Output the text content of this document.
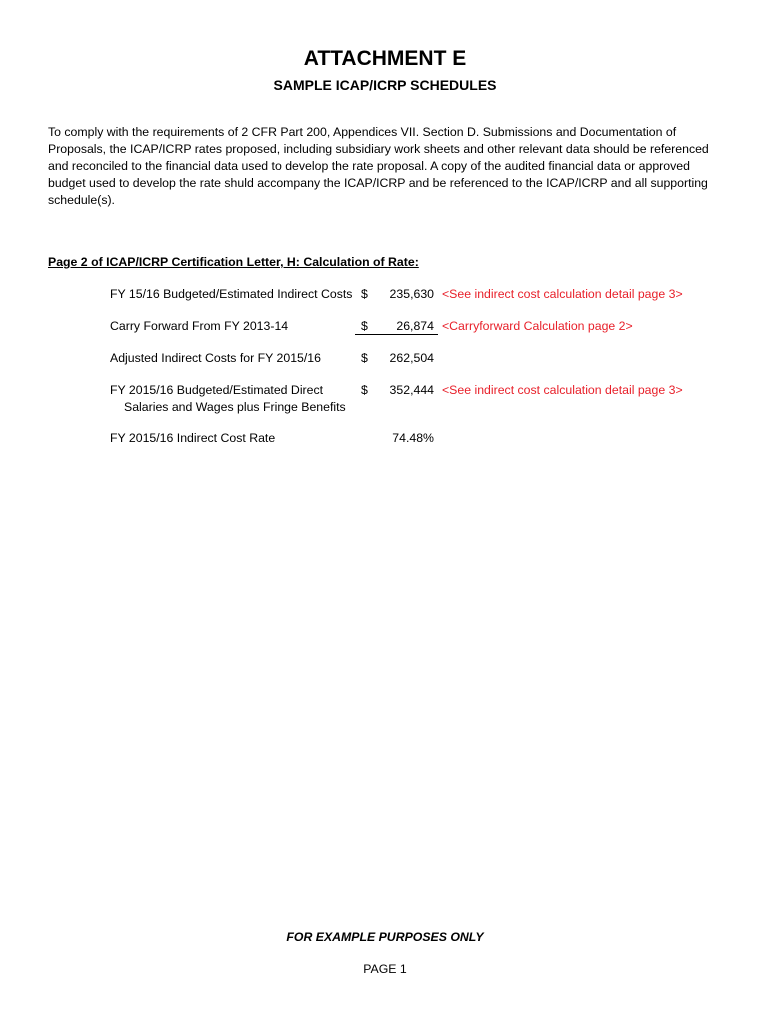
ATTACHMENT E
SAMPLE ICAP/ICRP SCHEDULES

To comply with the requirements of 2 CFR Part 200, Appendices VII. Section D. Submissions and Documentation of Proposals, the ICAP/ICRP rates proposed, including subsidiary work sheets and other relevant data should be referenced and reconciled to the financial data used to develop the rate proposal. A copy of the audited financial data or approved budget used to develop the rate shuld accompany the ICAP/ICRP and be referenced to the ICAP/ICRP and all supporting schedule(s).

Page 2 of ICAP/ICRP Certification Letter, H: Calculation of Rate:
FY 15/16 Budgeted/Estimated Indirect Costs $	235,630 <See indirect cost calculation detail page 3>
Carry Forward From FY 2013-14	$	26,874 <Carryforward Calculation page 2>
Adjusted Indirect Costs for FY 2015/16	$	262,504
FY 2015/16 Budgeted/Estimated Direct
Salaries and Wages plus Fringe Benefits
$	352,444 <See indirect cost calculation detail page 3>
FY 2015/16 Indirect Cost Rate	74.48%
FOR EXAMPLE PURPOSES ONLY
PAGE 1
